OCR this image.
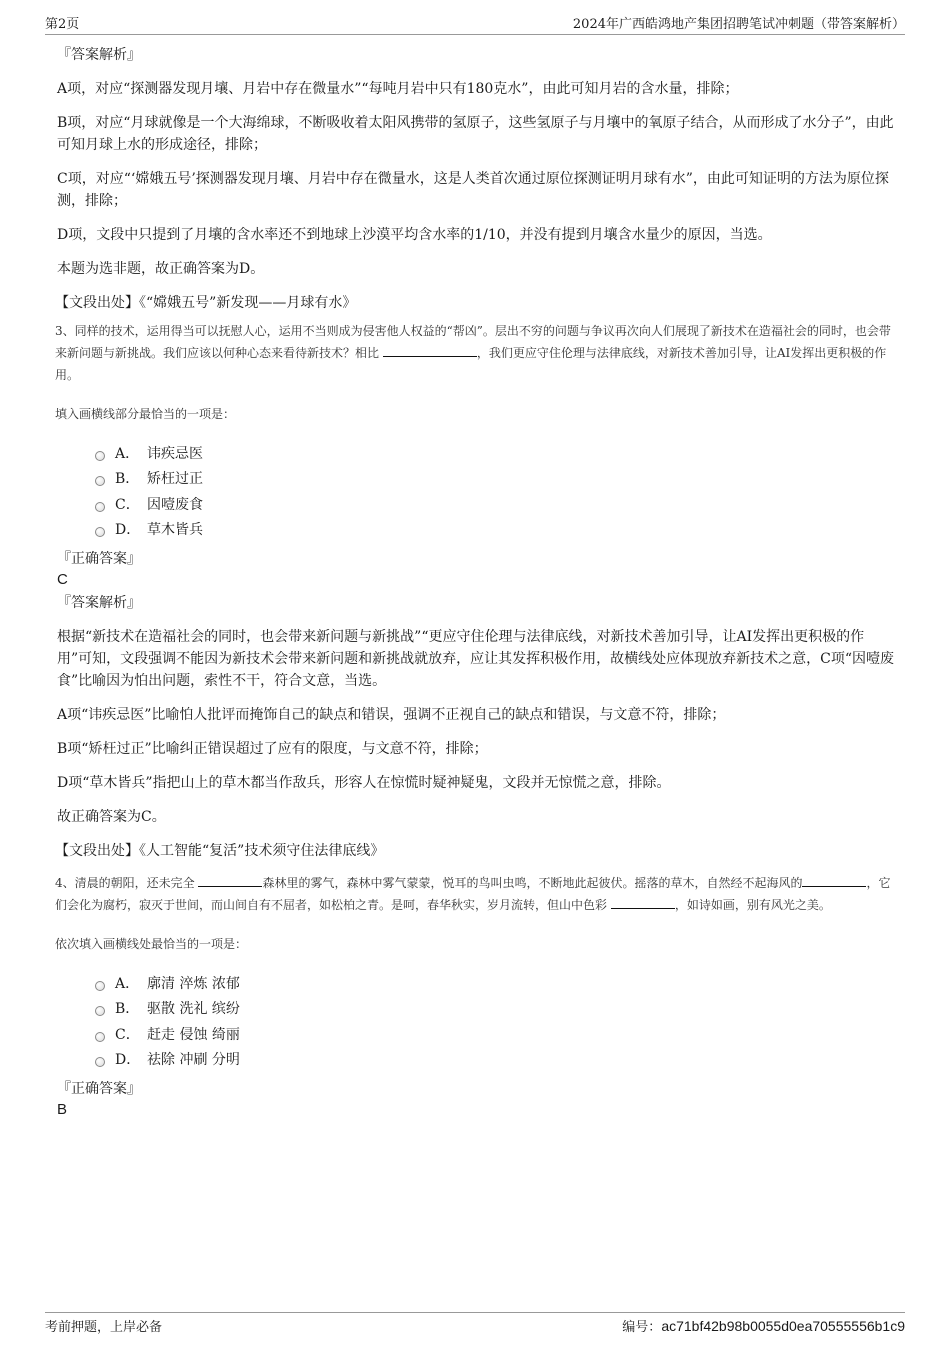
第2页	2024年广西皓鸿地产集团招聘笔试冲刺题（带答案解析）
『答案解析』
A项，对应“探测器发现月壤、月岩中存在微量水”“每吨月岩中只有180克水”，由此可知月岩的含水量，排除；
B项，对应“月球就像是一个大海绵球，不断吸收着太阳风携带的氢原子，这些氢原子与月壤中的氧原子结合，从而形成了水分子”，由此可知月球上水的形成途径，排除；
C项，对应“‘嫦娥五号’探测器发现月壤、月岩中存在微量水，这是人类首次通过原位探测证明月球有水”，由此可知证明的方法为原位探测，排除；
D项，文段中只提到了月壤的含水率还不到地球上沙漠平均含水率的1/10，并没有提到月壤含水量少的原因，当选。
本题为选非题，故正确答案为D。
【文段出处】《“嫦娥五号”新发现——月球有水》
3、同样的技术，运用得当可以抚慰人心，运用不当则成为侵害他人权益的“帮凶”。层出不穷的问题与争议再次向人们展现了新技术在造福社会的同时，也会带来新问题与新挑战。我们应该以何种心态来看待新技术？相比	，我们更应守住伦理与法律底线，对新技术善加引导，让AI发挥出更积极的作用。
填入画横线部分最恰当的一项是：
A． 讳疾忌医
B． 矫枉过正
C． 因噎废食
D． 草木皆兵
『正确答案』
C
『答案解析』
根据“新技术在造福社会的同时，也会带来新问题与新挑战”“更应守住伦理与法律底线，对新技术善加引导，让AI发挥出更积极的作用”可知，文段强调不能因为新技术会带来新问题和新挑战就放弃，应让其发挥积极作用，故横线处应体现放弃新技术之意，C项“因噎废食”比喻因为怕出问题，索性不干，符合文意，当选。
A项“讳疾忌医”比喻怕人批评而掩饰自己的缺点和错误，强调不正视自己的缺点和错误，与文意不符，排除；
B项“矫枉过正”比喻纠正错误超过了应有的限度，与文意不符，排除；
D项“草木皆兵”指把山上的草木都当作敌兵，形容人在惊慌时疑神疑鬼，文段并无惊慌之意，排除。
故正确答案为C。
【文段出处】《人工智能“复活”技术须守住法律底线》
4、清晨的朝阳，还未完全	森林里的雾气，森林中雾气蒙蒙，悦耳的鸟叫虫鸣，不断地此起彼伏。摇落的草木，自然经不起海风的	，它们会化为腐朽，寂灭于世间，而山间自有不屈者，如松柏之青。是呵，春华秋实，岁月流转，但山中色彩	，如诗如画，别有风光之美。
依次填入画横线处最恰当的一项是：
A． 廓清 淬炼 浓郁
B． 驱散 洗礼 缤纷
C． 赶走 侵蚀 绮丽
D． 祛除 冲刷 分明
『正确答案』
B
考前押题，上岸必备	编号：ac71bf42b98b0055d0ea70555556b1c9
